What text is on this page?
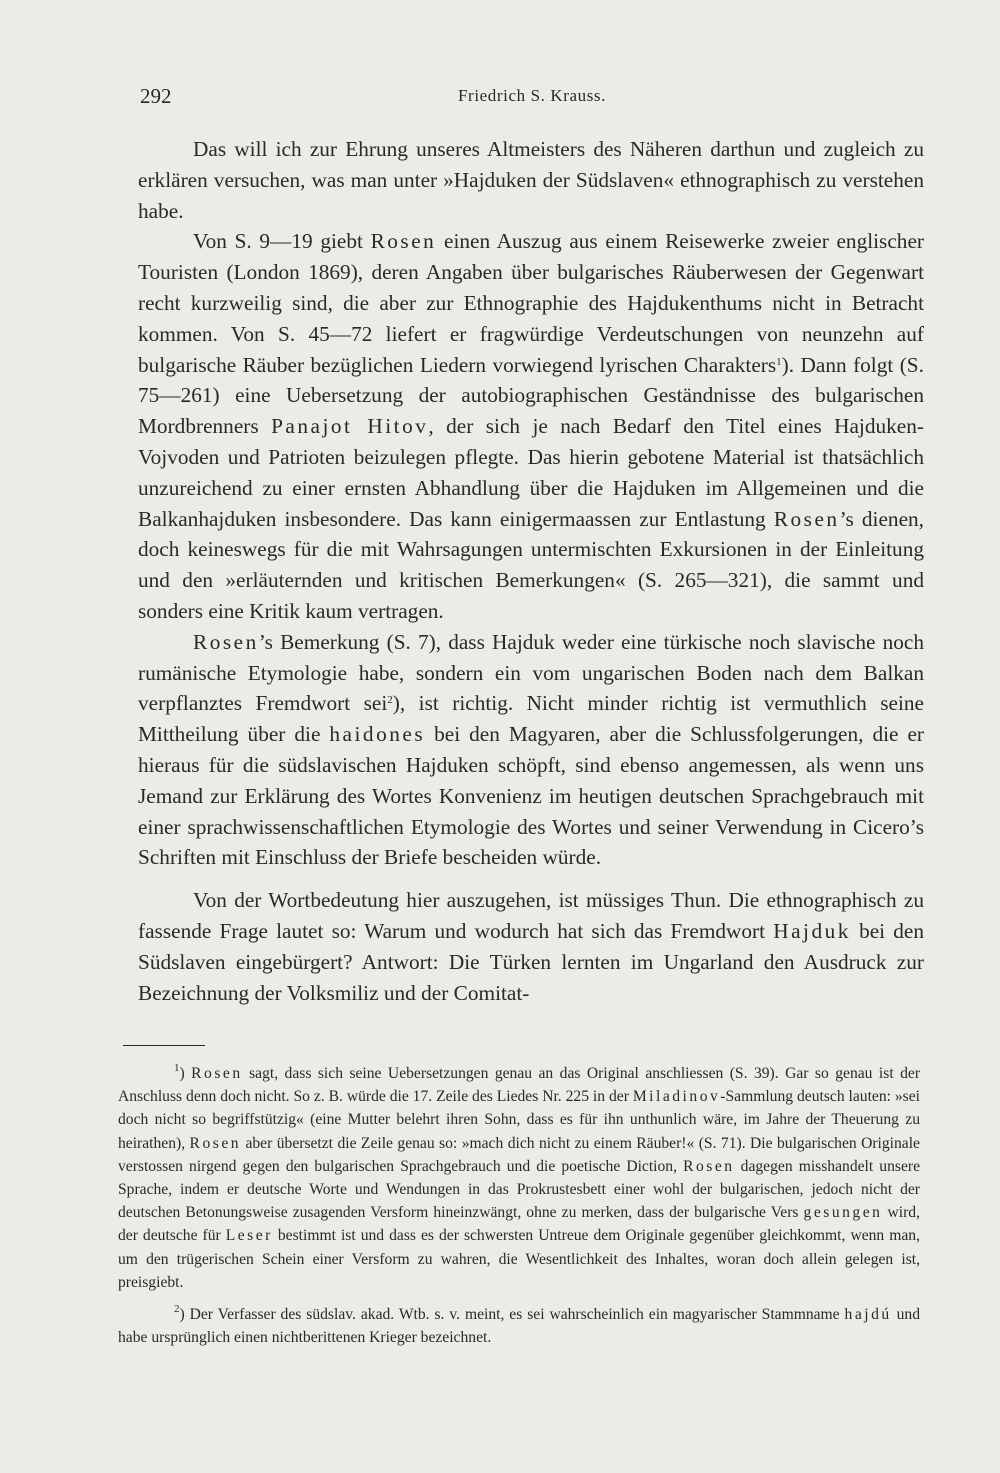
292	Friedrich S. Krauss.

Das will ich zur Ehrung unseres Altmeisters des Näheren darthun und zugleich zu erklären versuchen, was man unter »Hajduken der Südslaven« ethnographisch zu verstehen habe.

Von S. 9—19 giebt Rosen einen Auszug aus einem Reisewerke zweier englischer Touristen (London 1869), deren Angaben über bulgarisches Räuberwesen der Gegenwart recht kurzweilig sind, die aber zur Ethnographie des Hajdukenthums nicht in Betracht kommen. Von S. 45—72 liefert er fragwürdige Verdeutschungen von neunzehn auf bulgarische Räuber bezüglichen Liedern vorwiegend lyrischen Charakters$^1$). Dann folgt (S. 75—261) eine Uebersetzung der autobiographischen Geständnisse des bulgarischen Mordbrenners Panajot Hitov, der sich je nach Bedarf den Titel eines Hajduken-Vojvoden und Patrioten beizulegen pflegte. Das hierin gebotene Material ist thatsächlich unzureichend zu einer ernsten Abhandlung über die Hajduken im Allgemeinen und die Balkanhajduken insbesondere. Das kann einigermaassen zur Entlastung Rosen’s dienen, doch keineswegs für die mit Wahrsagungen untermischten Exkursionen in der Einleitung und den »erläuternden und kritischen Bemerkungen« (S. 265—321), die sammt und sonders eine Kritik kaum vertragen.

Rosen’s Bemerkung (S. 7), dass Hajduk weder eine türkische noch slavische noch rumänische Etymologie habe, sondern ein vom ungarischen Boden nach dem Balkan verpflanztes Fremdwort sei$^2$), ist richtig. Nicht minder richtig ist vermuthlich seine Mittheilung über die haidones bei den Magyaren, aber die Schlussfolgerungen, die er hieraus für die südslavischen Hajduken schöpft, sind ebenso angemessen, als wenn uns Jemand zur Erklärung des Wortes Konvenienz im heutigen deutschen Sprachgebrauch mit einer sprachwissenschaftlichen Etymologie des Wortes und seiner Verwendung in Cicero’s Schriften mit Einschluss der Briefe bescheiden würde.

Von der Wortbedeutung hier auszugehen, ist müssiges Thun. Die ethnographisch zu fassende Frage lautet so: Warum und wodurch hat sich das Fremdwort Hajduk bei den Südslaven eingebürgert? Antwort: Die Türken lernten im Ungarland den Ausdruck zur Bezeichnung der Volksmiliz und der Comitat-

$^1$) Rosen sagt, dass sich seine Uebersetzungen genau an das Original anschliessen (S. 39). Gar so genau ist der Anschluss denn doch nicht. So z. B. würde die 17. Zeile des Liedes Nr. 225 in der Miladinov-Sammlung deutsch lauten: »sei doch nicht so begriffstützig« (eine Mutter belehrt ihren Sohn, dass es für ihn unthunlich wäre, im Jahre der Theuerung zu heirathen), Rosen aber übersetzt die Zeile genau so: »mach dich nicht zu einem Räuber!« (S. 71). Die bulgarischen Originale verstossen nirgend gegen den bulgarischen Sprachgebrauch und die poetische Diction, Rosen dagegen misshandelt unsere Sprache, indem er deutsche Worte und Wendungen in das Prokrustesbett einer wohl der bulgarischen, jedoch nicht der deutschen Betonungsweise zusagenden Versform hineinzwängt, ohne zu merken, dass der bulgarische Vers gesungen wird, der deutsche für Leser bestimmt ist und dass es der schwersten Untreue dem Originale gegenüber gleichkommt, wenn man, um den trügerischen Schein einer Versform zu wahren, die Wesentlichkeit des Inhaltes, woran doch allein gelegen ist, preisgiebt.

$^2$) Der Verfasser des südslav. akad. Wtb. s. v. meint, es sei wahrscheinlich ein magyarischer Stammname hajdú und habe ursprünglich einen nichtberittenen Krieger bezeichnet.
